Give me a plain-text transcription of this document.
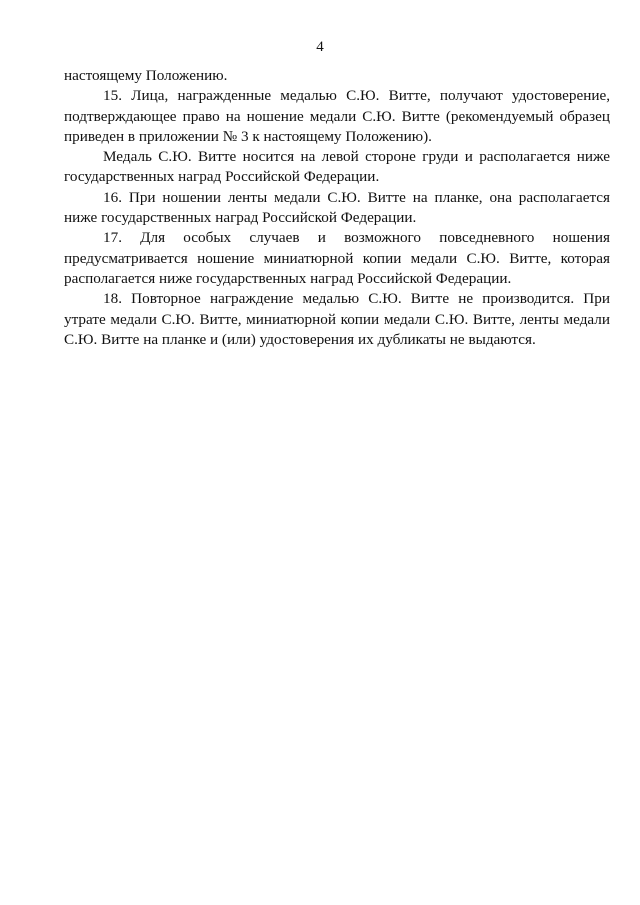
4

настоящему Положению.

15. Лица, награжденные медалью С.Ю. Витте, получают удостоверение, подтверждающее право на ношение медали С.Ю. Витте (рекомендуемый образец приведен в приложении № 3 к настоящему Положению).

Медаль С.Ю. Витте носится на левой стороне груди и располагается ниже государственных наград Российской Федерации.

16. При ношении ленты медали С.Ю. Витте на планке, она располагается ниже государственных наград Российской Федерации.

17. Для особых случаев и возможного повседневного ношения предусматривается ношение миниатюрной копии медали С.Ю. Витте, которая располагается ниже государственных наград Российской Федерации.

18. Повторное награждение медалью С.Ю. Витте не производится. При утрате медали С.Ю. Витте, миниатюрной копии медали С.Ю. Витте, ленты медали С.Ю. Витте на планке и (или) удостоверения их дубликаты не выдаются.
